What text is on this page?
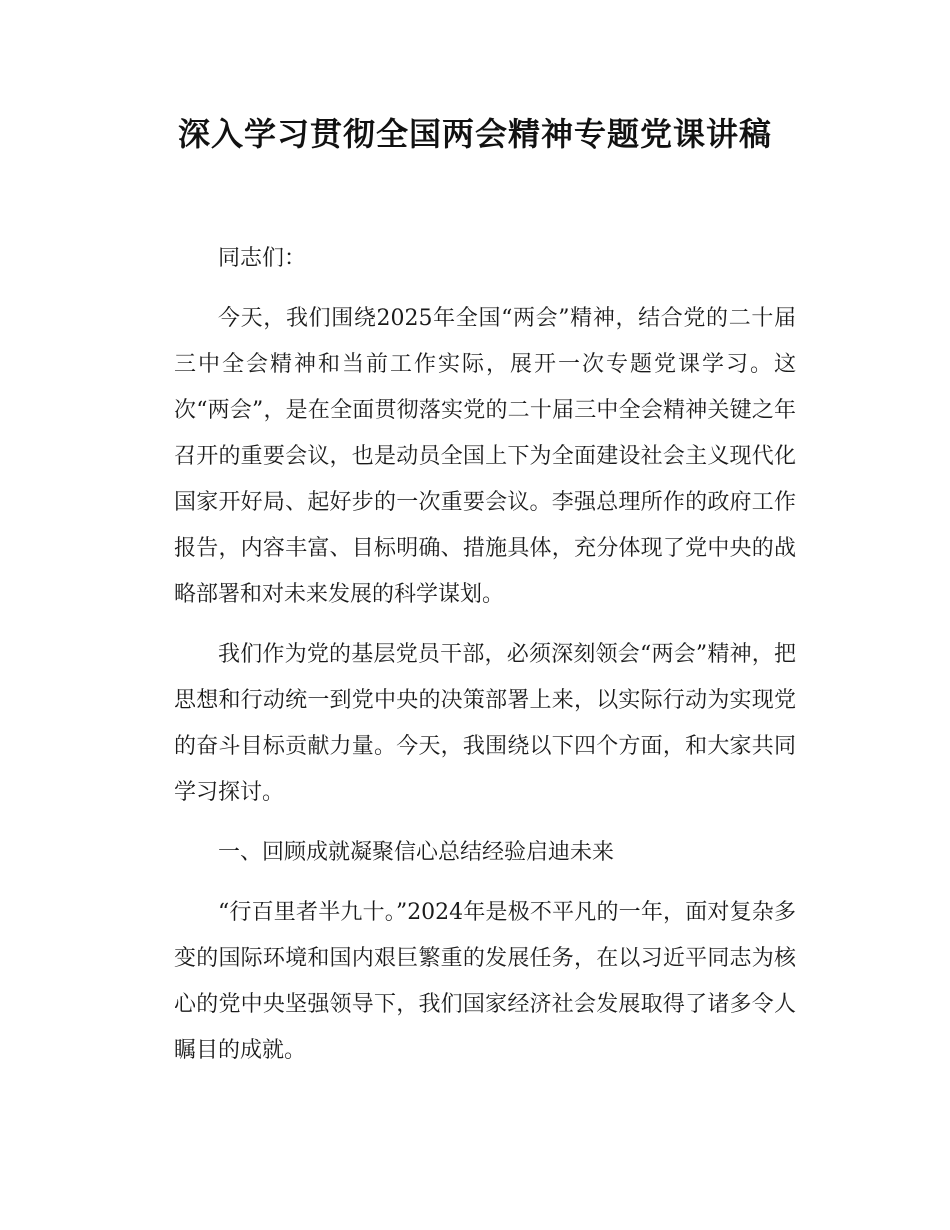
深入学习贯彻全国两会精神专题党课讲稿

同志们：

今天，我们围绕2025年全国“两会”精神，结合党的二十届三中全会精神和当前工作实际，展开一次专题党课学习。这次“两会”，是在全面贯彻落实党的二十届三中全会精神关键之年召开的重要会议，也是动员全国上下为全面建设社会主义现代化国家开好局、起好步的一次重要会议。李强总理所作的政府工作报告，内容丰富、目标明确、措施具体，充分体现了党中央的战略部署和对未来发展的科学谋划。

我们作为党的基层党员干部，必须深刻领会“两会”精神，把思想和行动统一到党中央的决策部署上来，以实际行动为实现党的奋斗目标贡献力量。今天，我围绕以下四个方面，和大家共同学习探讨。

一、回顾成就凝聚信心总结经验启迪未来

“行百里者半九十。”2024年是极不平凡的一年，面对复杂多变的国际环境和国内艰巨繁重的发展任务，在以习近平同志为核心的党中央坚强领导下，我们国家经济社会发展取得了诸多令人瞩目的成就。
